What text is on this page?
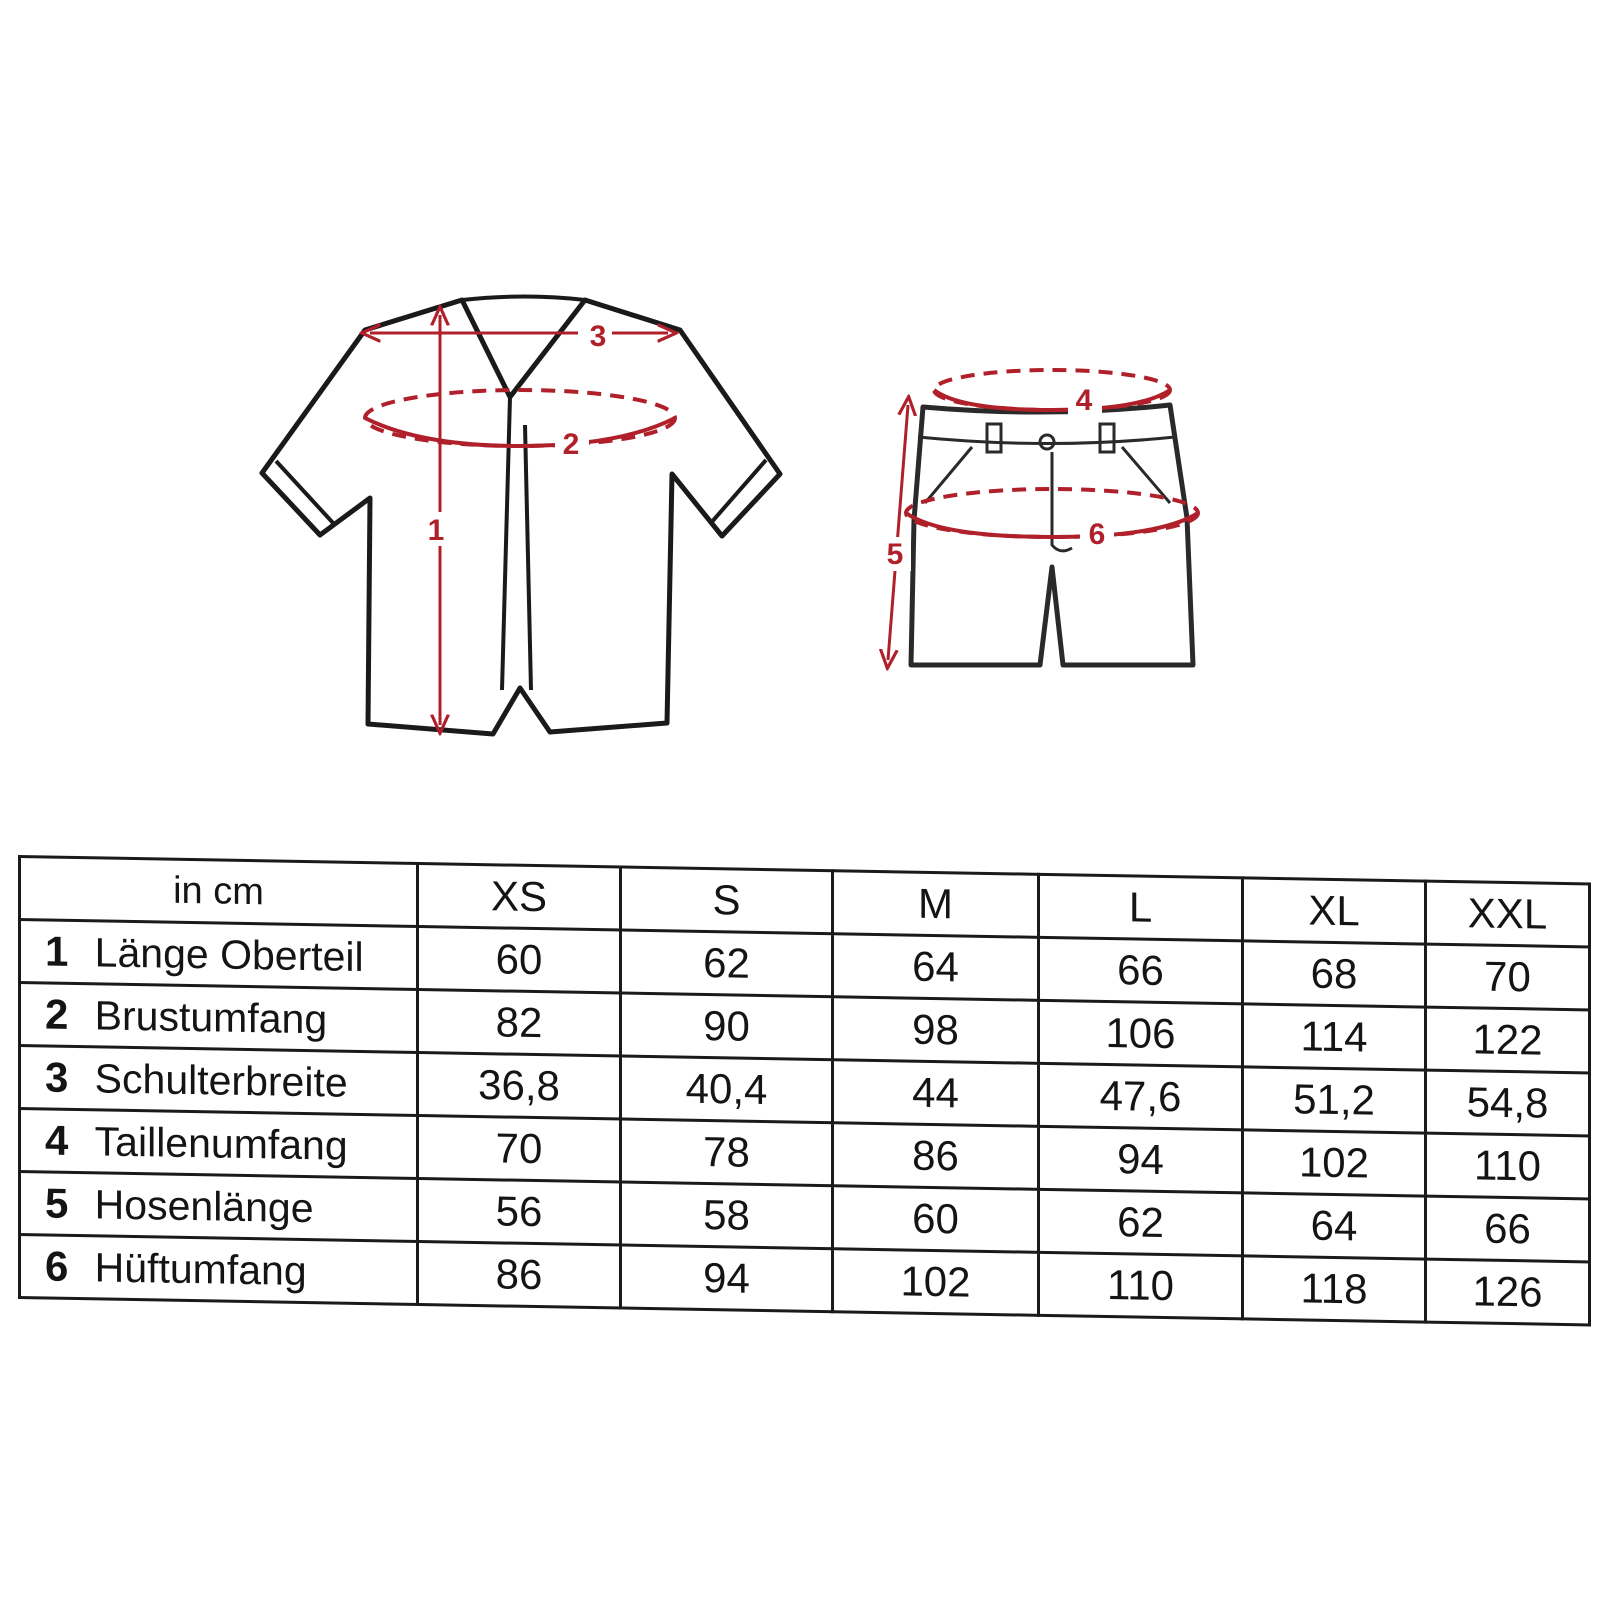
3
2
1
4
6
5
in cm	XS	S	M	L	XL	XXL
1 Länge Oberteil	60	62	64	66	68	70
2 Brustumfang	82	90	98	106	114	122
3 Schulterbreite	36,8	40,4	44	47,6	51,2	54,8
4 Taillenumfang	70	78	86	94	102	110
5 Hosenlänge	56	58	60	62	64	66
6 Hüftumfang	86	94	102	110	118	126
